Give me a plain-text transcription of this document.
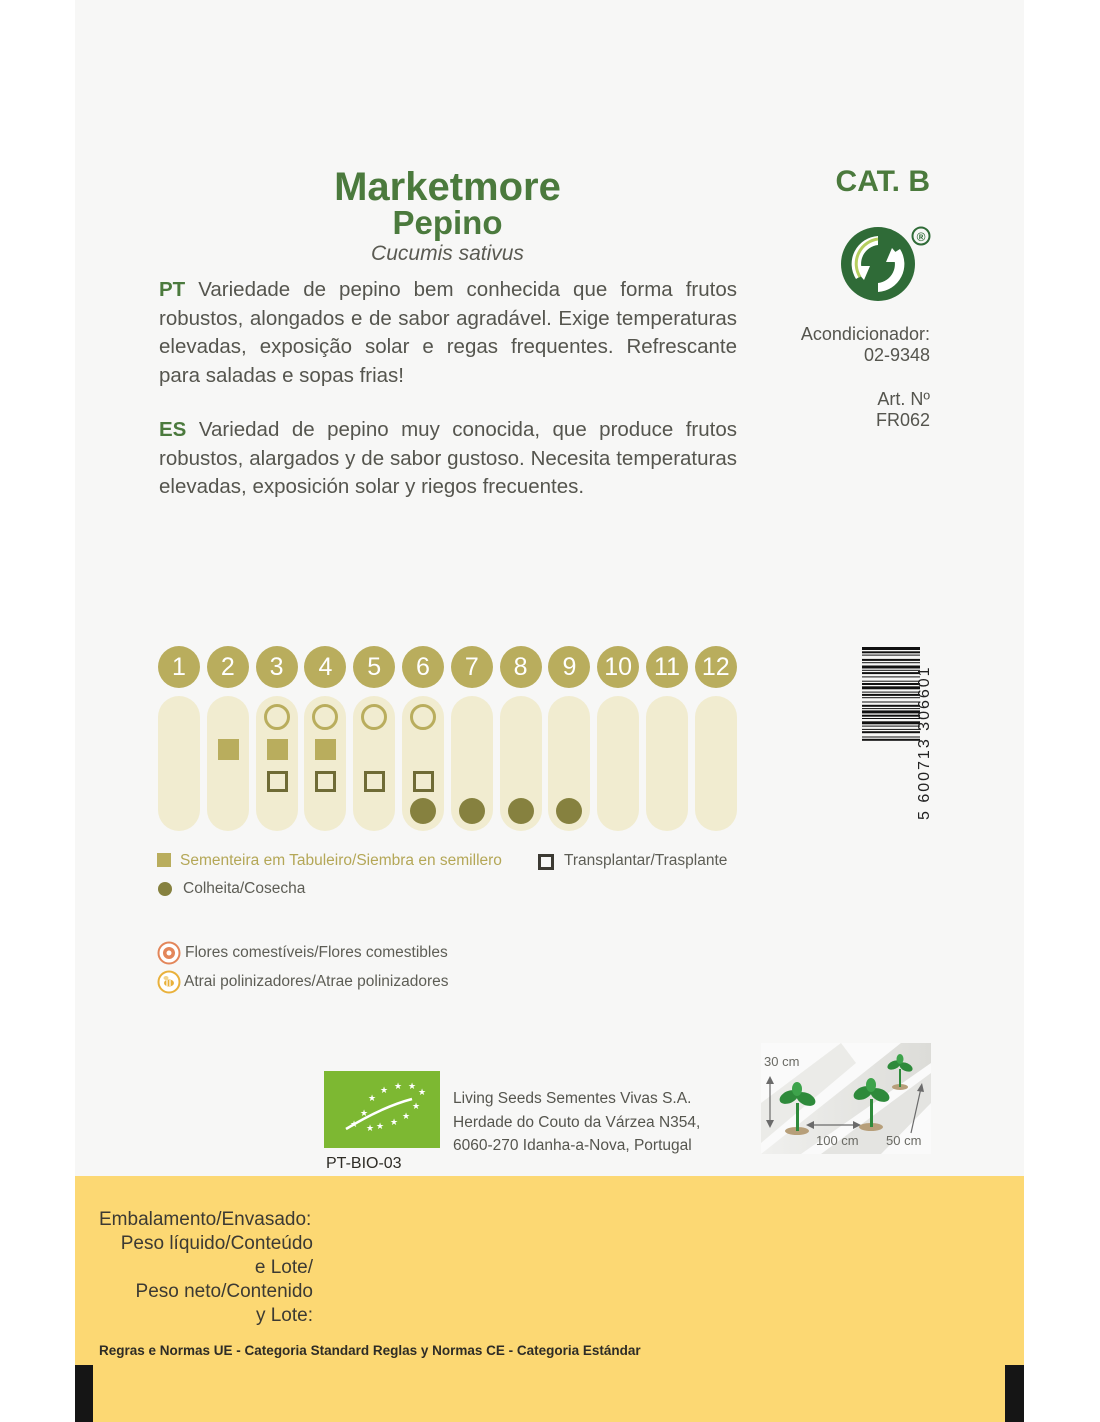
Marketmore
Pepino
Cucumis sativus
PT Variedade de pepino bem conhecida que forma frutos robustos, alongados e de sabor agradável. Exige temperaturas elevadas, exposição solar e regas frequentes. Refrescante para saladas e sopas frias!
ES Variedad de pepino muy conocida, que produce frutos robustos, alargados y de sabor gustoso. Necesita temperaturas elevadas, exposición solar y riegos frecuentes.
CAT. B
®
Acondicionador:
02-9348
Art. Nº
FR062
5 600713 306601
1	2	3	4	5	6	7	8	9	10 11 12
Sementeira em Tabuleiro/Siembra en semillero	Transplantar/Trasplante
Colheita/Cosecha
Flores comestíveis/Flores comestibles
Atrai polinizadores/Atrae polinizadores
★
★
★ ★ ★
★
★
★
★
★
★
★
PT-BIO-03
Living Seeds Sementes Vivas S.A.
Herdade do Couto da Várzea N354,
6060-270 Idanha-a-Nova, Portugal
30 cm
100 cm 50 cm
Embalamento/Envasado:
Peso líquido/Conteúdo
e Lote/
Peso neto/Contenido
y Lote:
Regras e Normas UE - Categoria Standard Reglas y Normas CE - Categoria Estándar
